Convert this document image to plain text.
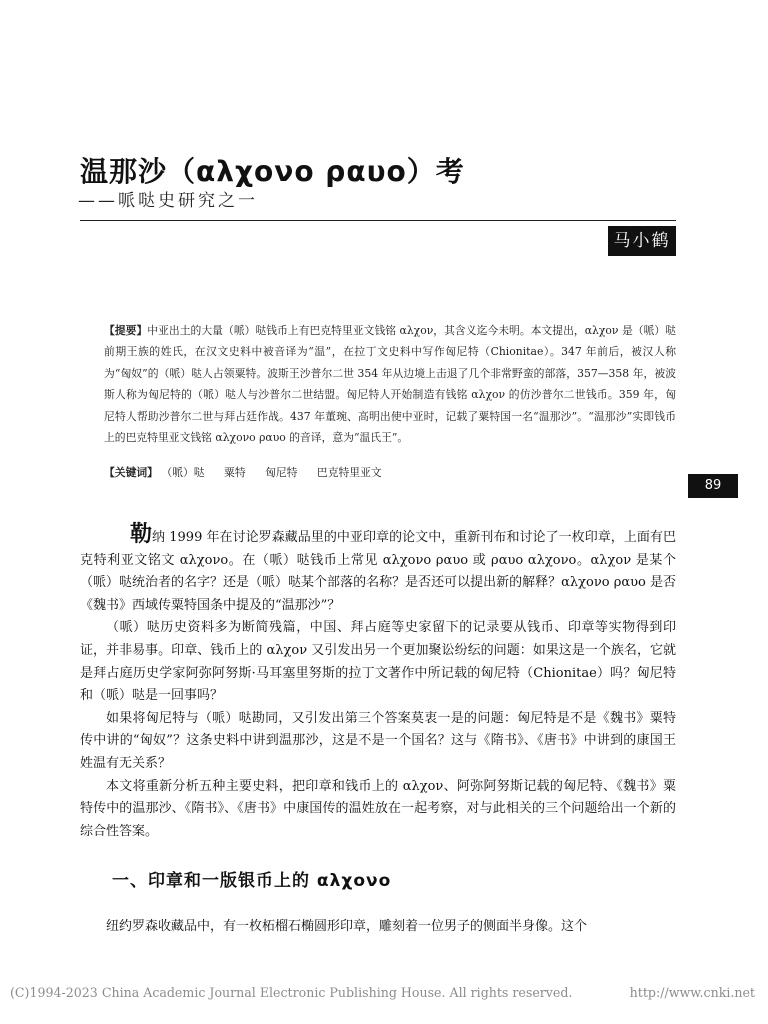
温那沙（αλχονο ραυο）考
——哌哒史研究之一
马小鹤
【提要】中亚出土的大量（哌）哒钱币上有巴克特里亚文钱铭 αλχον，其含义迄今未明。本文提出，αλχον 是（哌）哒前期王族的姓氏，在汉文史料中被音译为“温”，在拉丁文史料中写作匈尼特（Chionitae）。347 年前后，被汉人称为“匈奴”的（哌）哒人占领粟特。波斯王沙普尔二世 354 年从边境上击退了几个非常野蛮的部落，357—358 年，被波斯人称为匈尼特的（哌）哒人与沙普尔二世结盟。匈尼特人开始制造有钱铭 αλχον 的仿沙普尔二世钱币。359 年，匈尼特人帮助沙普尔二世与拜占廷作战。437 年董琬、高明出使中亚时，记载了粟特国一名“温那沙”。“温那沙”实即钱币上的巴克特里亚文钱铭 αλχονο ραυο 的音译，意为“温氏王”。
【关键词】 （哌）哒 粟特 匈尼特 巴克特里亚文
89

勒纳 1999 年在讨论罗森藏品里的中亚印章的论文中，重新刊布和讨论了一枚印章，上面有巴克特利亚文铭文 αλχονο。在（哌）哒钱币上常见 αλχονο ραυο 或 ραυο αλχονο。αλχον 是某个（哌）哒统治者的名字？还是（哌）哒某个部落的名称？是否还可以提出新的解释？αλχονο ραυο 是否《魏书》西域传粟特国条中提及的“温那沙”？

（哌）哒历史资料多为断简残篇，中国、拜占庭等史家留下的记录要从钱币、印章等实物得到印证，并非易事。印章、钱币上的 αλχον 又引发出另一个更加聚讼纷纭的问题：如果这是一个族名，它就是拜占庭历史学家阿弥阿努斯·马耳塞里努斯的拉丁文著作中所记载的匈尼特（Chionitae）吗？匈尼特和（哌）哒是一回事吗？

如果将匈尼特与（哌）哒勘同，又引发出第三个答案莫衷一是的问题：匈尼特是不是《魏书》粟特传中讲的“匈奴”？这条史料中讲到温那沙，这是不是一个国名？这与《隋书》、《唐书》中讲到的康国王姓温有无关系？

本文将重新分析五种主要史料，把印章和钱币上的 αλχον、阿弥阿努斯记载的匈尼特、《魏书》粟特传中的温那沙、《隋书》、《唐书》中康国传的温姓放在一起考察，对与此相关的三个问题给出一个新的综合性答案。

一、印章和一版银币上的 αλχονο

纽约罗森收藏品中，有一枚柘榴石椭圆形印章，雕刻着一位男子的侧面半身像。这个

(C)1994-2023 China Academic Journal Electronic Publishing House. All rights reserved.	http://www.cnki.net
